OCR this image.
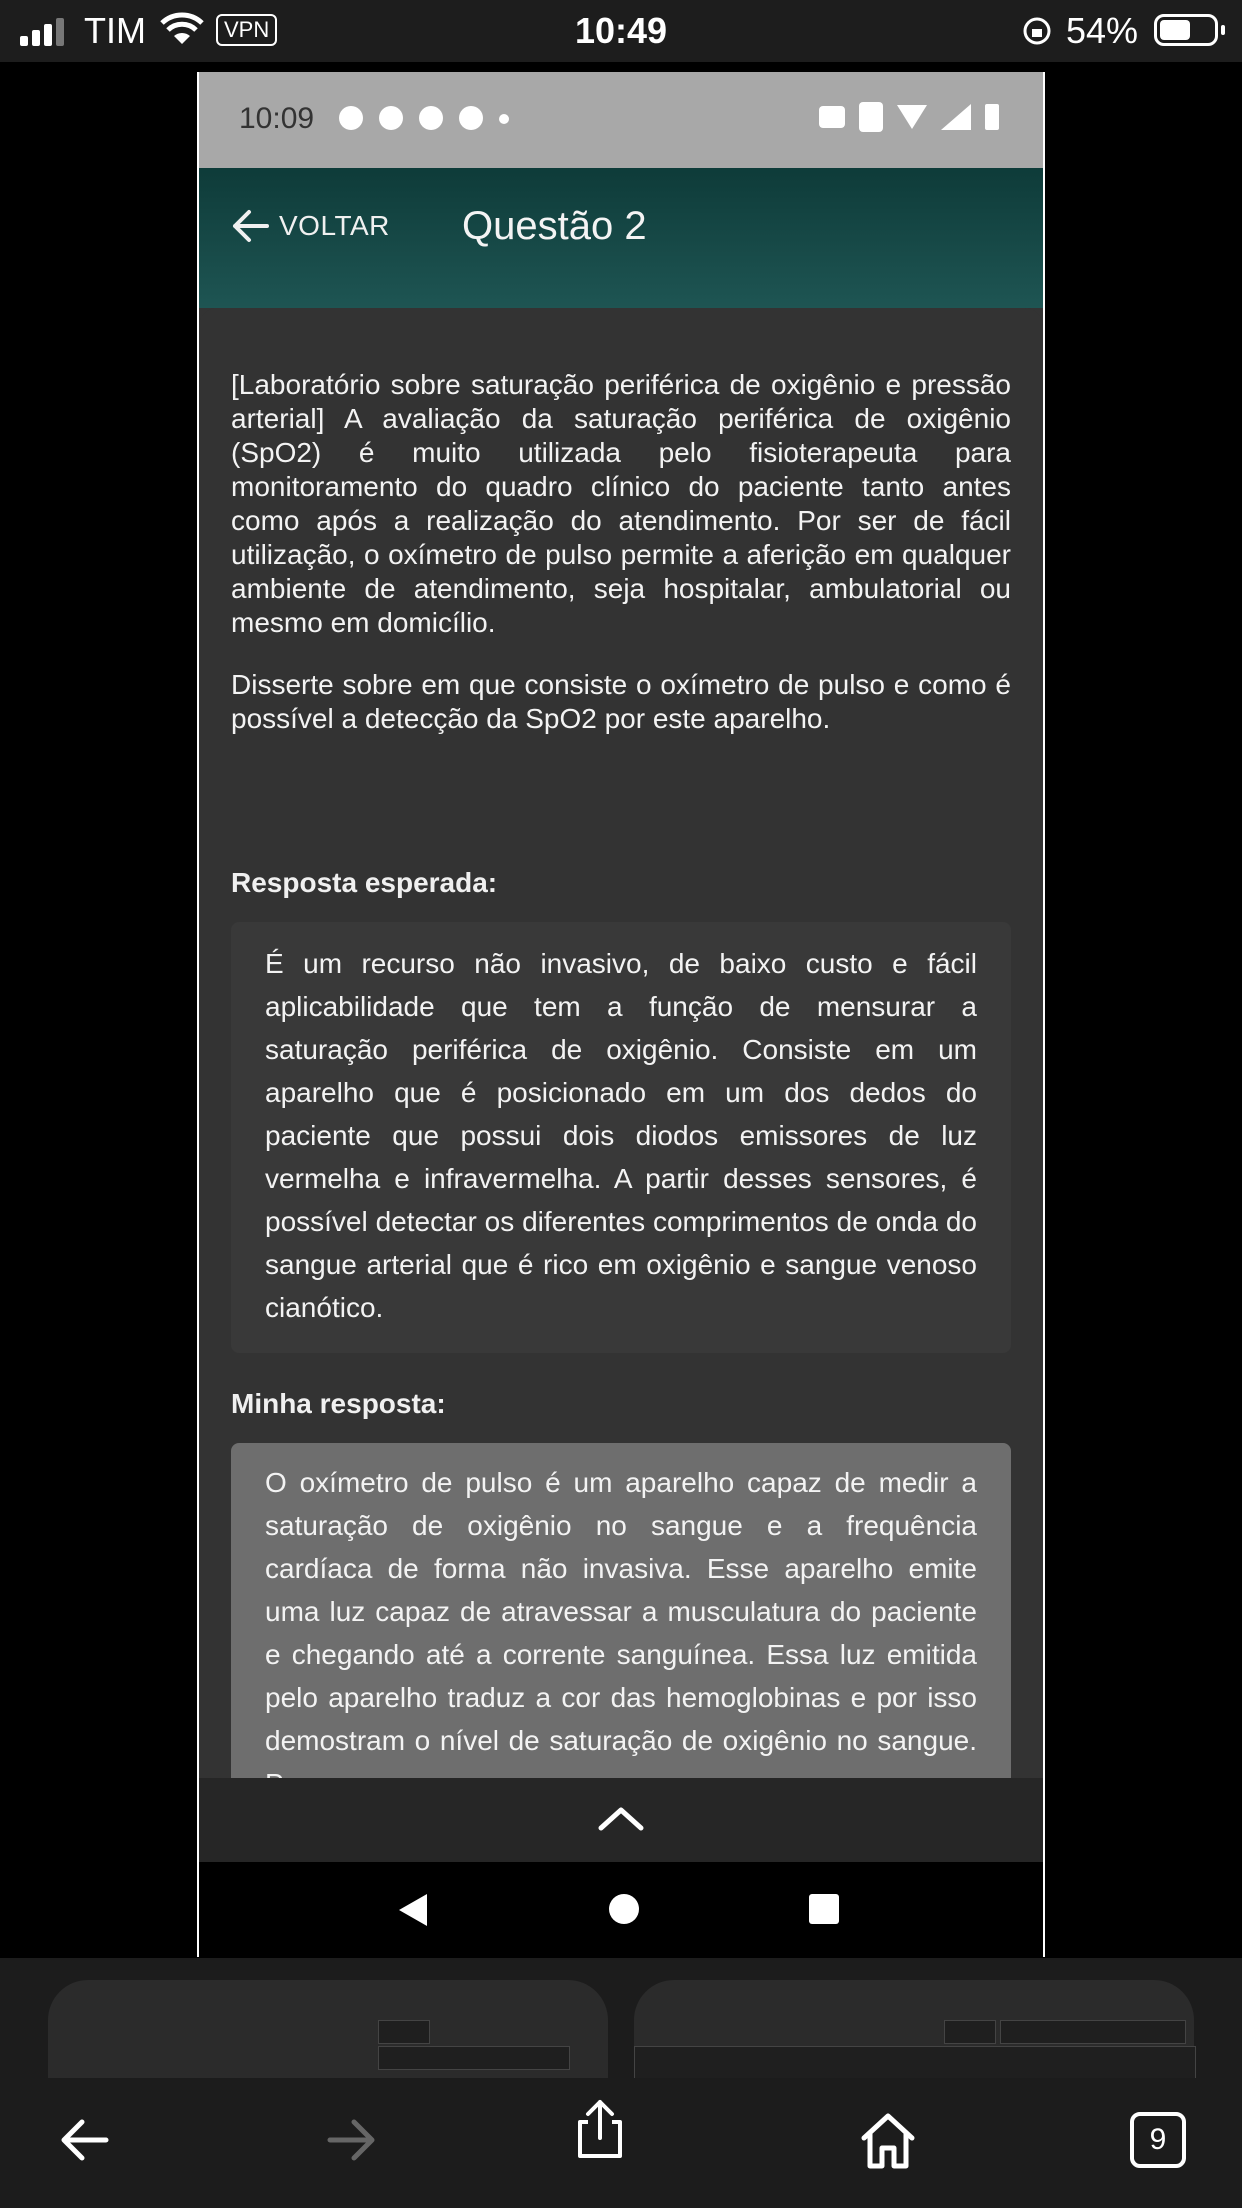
TIM	VPN	10:49	54%
10:09
VOLTAR Questão 2

[Laboratório sobre saturação periférica de oxigênio e pressão arterial] A avaliação da saturação periférica de oxigênio (SpO2) é muito utilizada pelo fisioterapeuta para monitoramento do quadro clínico do paciente tanto antes como após a realização do atendimento. Por ser de fácil utilização, o oxímetro de pulso permite a aferição em qualquer ambiente de atendimento, seja hospitalar, ambulatorial ou mesmo em domicílio.

Disserte sobre em que consiste o oxímetro de pulso e como é possível a detecção da SpO2 por este aparelho.

Resposta esperada:
É um recurso não invasivo, de baixo custo e fácil aplicabilidade que tem a função de mensurar a saturação periférica de oxigênio. Consiste em um aparelho que é posicionado em um dos dedos do paciente que possui dois diodos emissores de luz vermelha e infravermelha. A partir desses sensores, é possível detectar os diferentes comprimentos de onda do sangue arterial que é rico em oxigênio e sangue venoso cianótico.
Minha resposta:
O oxímetro de pulso é um aparelho capaz de medir a saturação de oxigênio no sangue e a frequência cardíaca de forma não invasiva. Esse aparelho emite uma luz capaz de atravessar a musculatura do paciente e chegando até a corrente sanguínea. Essa luz emitida pelo aparelho traduz a cor das hemoglobinas e por isso demostram o nível de saturação de oxigênio no sangue.
9
